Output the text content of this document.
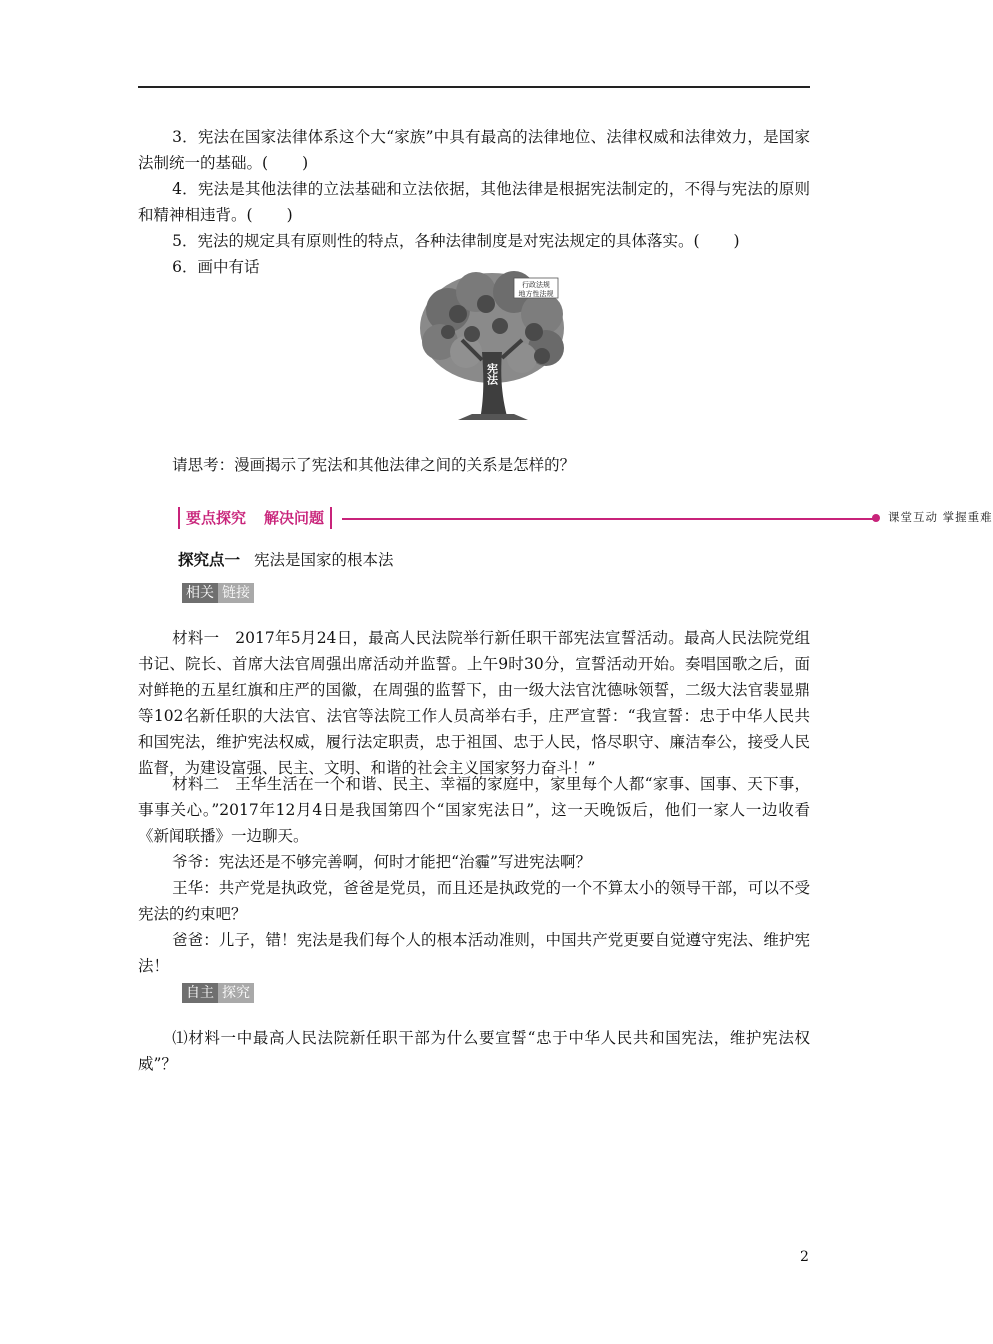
3．宪法在国家法律体系这个大“家族”中具有最高的法律地位、法律权威和法律效力，是国家法制统一的基础。( )

4．宪法是其他法律的立法基础和立法依据，其他法律是根据宪法制定的，不得与宪法的原则和精神相违背。( )

5．宪法的规定具有原则性的特点，各种法律制度是对宪法规定的具体落实。( )

6．画中有话

行政法规
地方性法规
宪法

请思考：漫画揭示了宪法和其他法律之间的关系是怎样的？

要点探究 解决问题	课堂互动 掌握重难
探究点一 宪法是国家的根本法
相关 链接

材料一　2017年5月24日，最高人民法院举行新任职干部宪法宣誓活动。最高人民法院党组书记、院长、首席大法官周强出席活动并监誓。上午9时30分，宣誓活动开始。奏唱国歌之后，面对鲜艳的五星红旗和庄严的国徽，在周强的监誓下，由一级大法官沈德咏领誓，二级大法官裴显鼎等102名新任职的大法官、法官等法院工作人员高举右手，庄严宣誓：“我宣誓：忠于中华人民共和国宪法，维护宪法权威，履行法定职责，忠于祖国、忠于人民，恪尽职守、廉洁奉公，接受人民监督，为建设富强、民主、文明、和谐的社会主义国家努力奋斗！”

材料二　王华生活在一个和谐、民主、幸福的家庭中，家里每个人都“家事、国事、天下事，事事关心。”2017年12月4日是我国第四个“国家宪法日”，这一天晚饭后，他们一家人一边收看《新闻联播》一边聊天。

爷爷：宪法还是不够完善啊，何时才能把“治霾”写进宪法啊？

王华：共产党是执政党，爸爸是党员，而且还是执政党的一个不算太小的领导干部，可以不受宪法的约束吧？

爸爸：儿子，错！宪法是我们每个人的根本活动准则，中国共产党更要自觉遵守宪法、维护宪法！

自主 探究

⑴材料一中最高人民法院新任职干部为什么要宣誓“忠于中华人民共和国宪法，维护宪法权威”？

2
